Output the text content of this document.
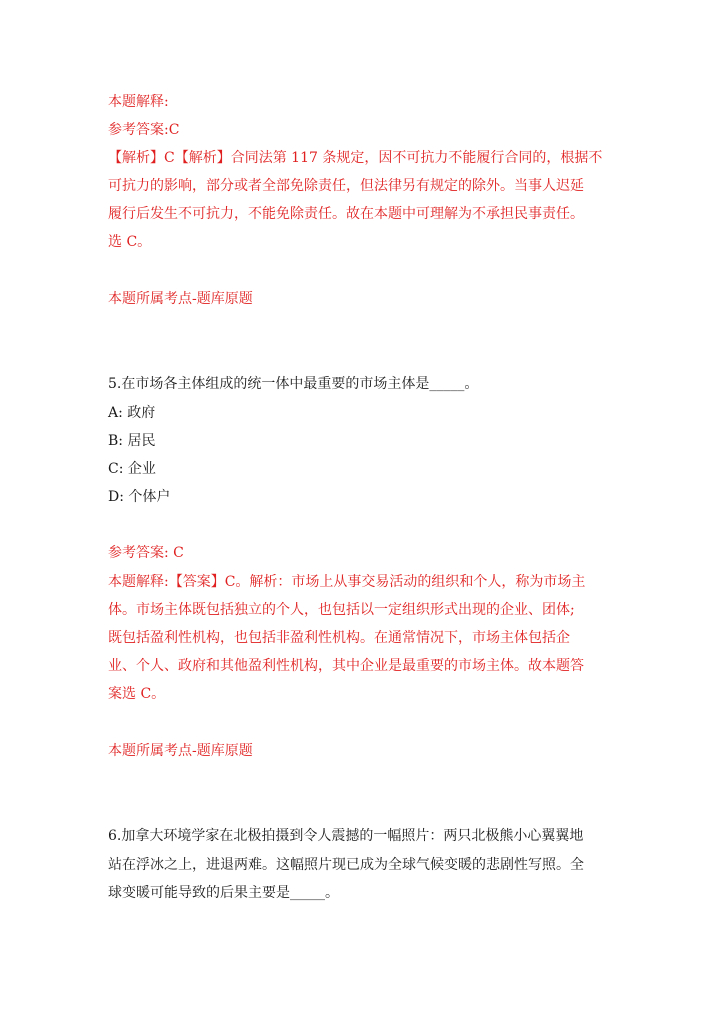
本题解释:
参考答案:C
【解析】C【解析】合同法第 117 条规定，因不可抗力不能履行合同的，根据不
可抗力的影响，部分或者全部免除责任，但法律另有规定的除外。当事人迟延
履行后发生不可抗力，不能免除责任。故在本题中可理解为不承担民事责任。
选 C。
本题所属考点-题库原题
5.在市场各主体组成的统一体中最重要的市场主体是_____。
A: 政府
B: 居民
C: 企业
D: 个体户
参考答案: C
本题解释:【答案】C。解析：市场上从事交易活动的组织和个人，称为市场主
体。市场主体既包括独立的个人，也包括以一定组织形式出现的企业、团体;
既包括盈利性机构，也包括非盈利性机构。在通常情况下，市场主体包括企
业、个人、政府和其他盈利性机构，其中企业是最重要的市场主体。故本题答
案选 C。
本题所属考点-题库原题
6.加拿大环境学家在北极拍摄到令人震撼的一幅照片：两只北极熊小心翼翼地
站在浮冰之上，进退两难。这幅照片现已成为全球气候变暖的悲剧性写照。全
球变暖可能导致的后果主要是_____。
